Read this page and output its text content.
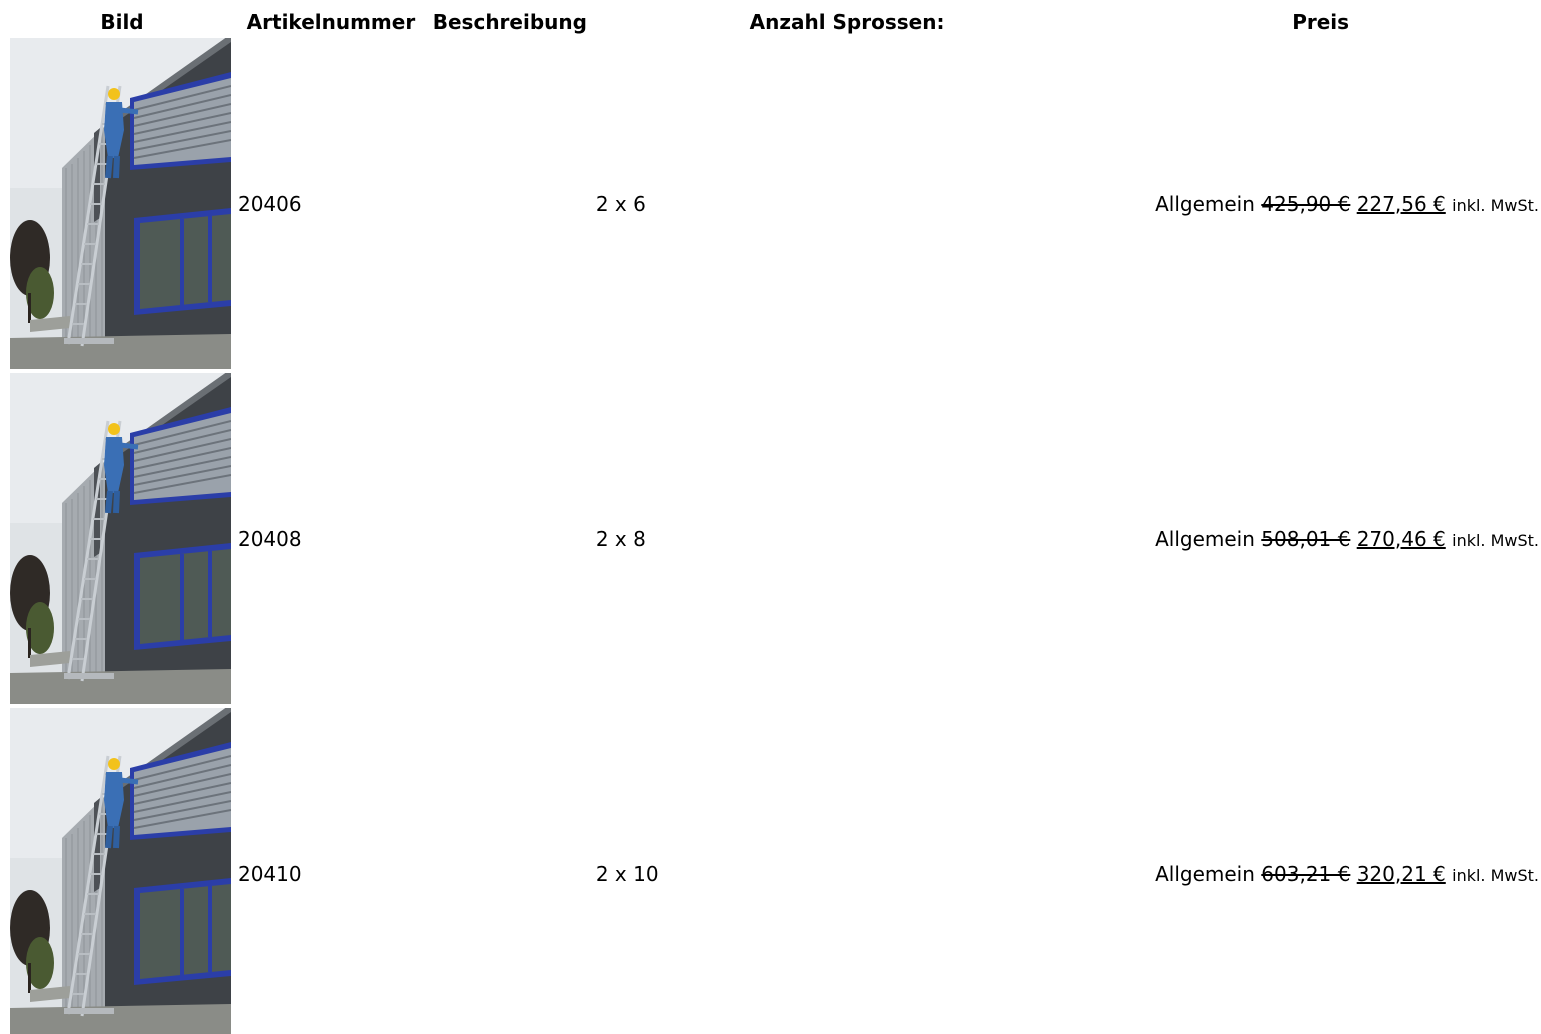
Bild	Artikelnummer	Beschreibung	Anzahl Sprossen:	Preis

	20406		2 x 6	Allgemein 425,90 € 227,56 € inkl. MwSt.

	20408		2 x 8	Allgemein 508,01 € 270,46 € inkl. MwSt.

	20410		2 x 10	Allgemein 603,21 € 320,21 € inkl. MwSt.
